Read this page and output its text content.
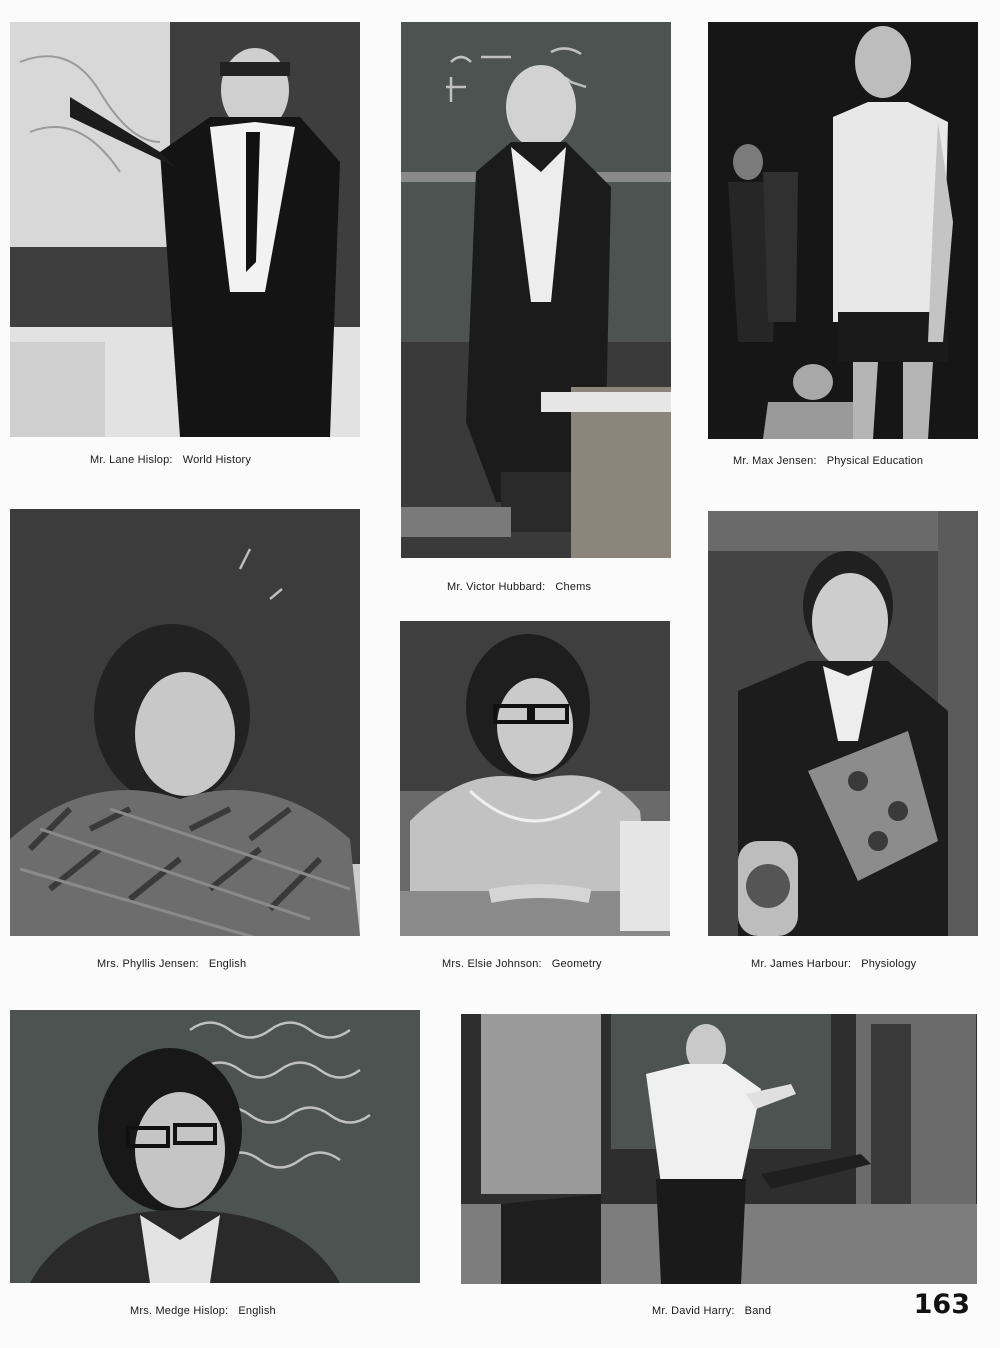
Mr. Lane Hislop: World History
Mr. Victor Hubbard: Chems
Mr. Max Jensen: Physical Education
Mrs. Phyllis Jensen: English	Mrs. Elsie Johnson: Geometry	Mr. James Harbour: Physiology
Mrs. Medge Hislop: English	Mr. David Harry: Band	163
